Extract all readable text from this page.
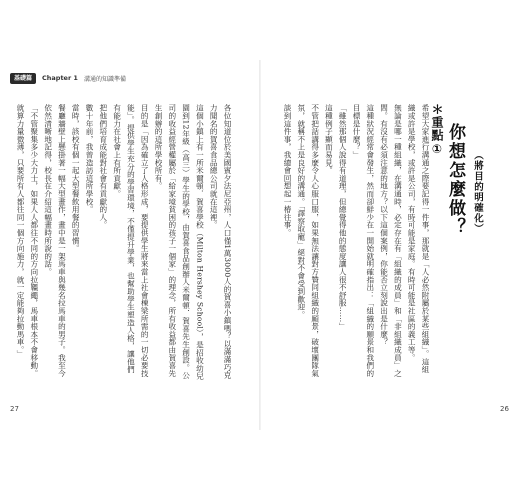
基礎篇	Chapter 1 溝通的知識準備

各位知道位於美國賓夕法尼亞州，人口僅1萬3000人的賀喜小鎮嗎？以滿滿巧克力聞名的賀喜食品總公司就在這裡。

這個小鎮上有一所米爾頓．賀喜學校（Milton Hershey School），是招收幼兒園到12年級（高三）學生的學校，由賀喜食品創辦人米爾頓．賀喜先生創設。公司的收益經營權屬於「給家境貧困的孩子一個家」的理念，所有收益都由賀喜先生創辦的這所學校所有。

目的是「因為確立了人格形成，要提供學生將來當上社會棟梁所需的一切必要技能」。提供學生充分的學習環境，不僅提升學業，也幫助學生塑造人格，讓他們有能力在社會上有所貢獻。

把他們培育成能對社會有貢獻的人。

數十年前，我曾造訪這所學校。

當時，該校有個一起大型餐飲用餐的習慣。

餐廳牆壁上懸掛著一幅大型畫作，畫中是一架馬車與幾名拉馬車的男子。我至今依然清晰地記得，校長在介紹這幅畫時所說的話。

「不管聚集多少大力士，如果人人都往不同的方向拉韁繩，馬車根本不會移動。就算力量微薄，只要所有人都往同一個方向施力，就一定能夠拉動馬車。」	希望大家進行溝通之際要記得一件事，那就是「人必然附屬於某些組織」。這組織或許是學校，或許是公司，有時可能是家庭。有時可能是社區的義工等。

無論是哪一種組織，在溝通時，必定存在有「組織的成員」和「非組織成員」之間。有沒有必須注意的地方？以下這個案例，你能否立刻說出是什麼？

這種狀況經常會發生，然而卻鮮少在一開始就明確指出：「組織的願景和我們的目標是什麼？」

「雖然那個人說得有道理，但總覺得他的態度讓人很不舒服……」

這種例子顯而易見。

不管把話講得多麼令人心服口服，如果無法讓對方贊同組織的願景，破壞團隊氣氛，就稱不上是良好的溝通。「譯察取寵」絕對不會受到歡迎。

談到這件事，我總會回想起一椿往事。	＊重點① 你想怎麼做？ （將目的明確化）
27	26
